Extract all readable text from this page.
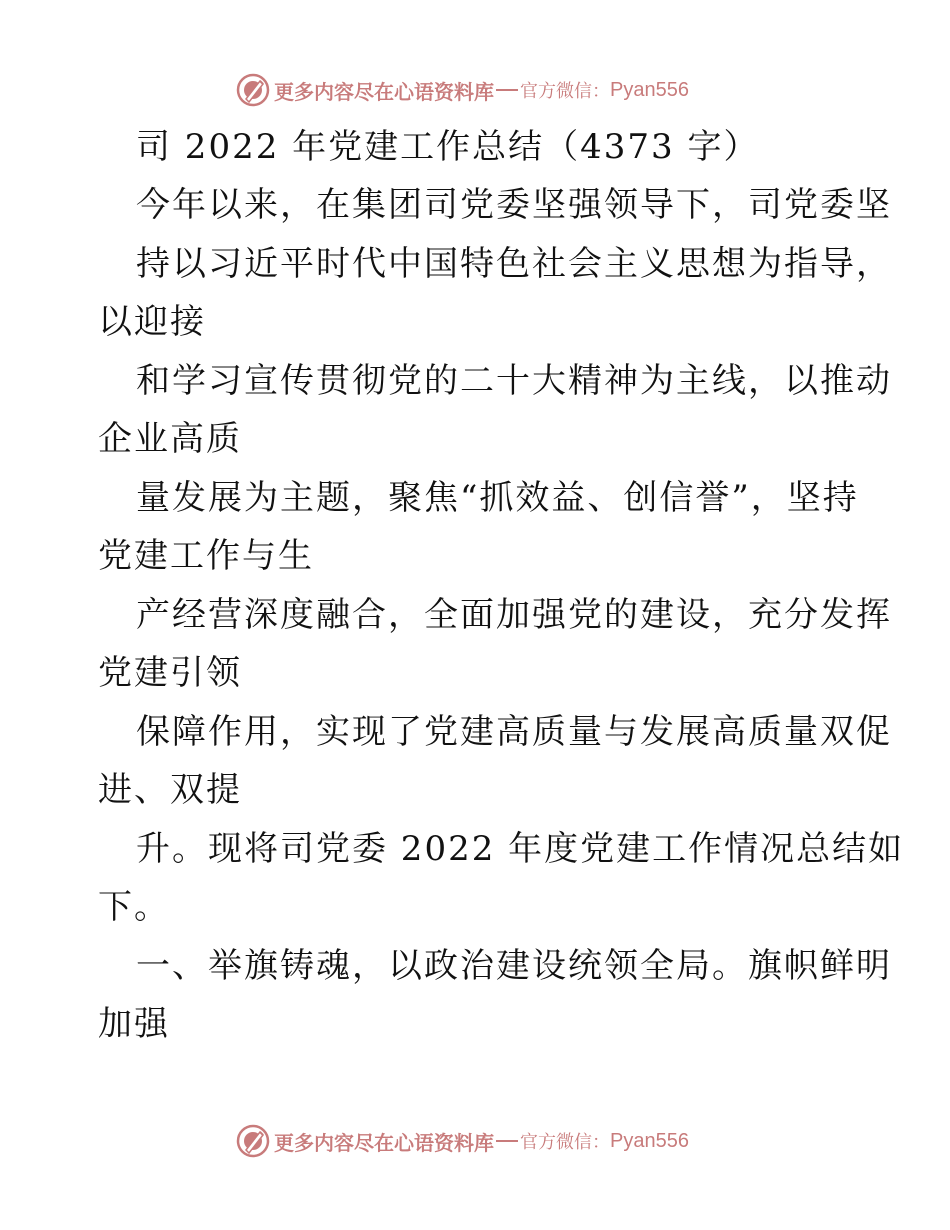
更多内容尽在心语资料库 官方微信： Pyan556
司 2022 年党建工作总结（4373 字）
今年以来，在集团司党委坚强领导下，司党委坚
持以习近平时代中国特色社会主义思想为指导，
以迎接
和学习宣传贯彻党的二十大精神为主线，以推动
企业高质
量发展为主题，聚焦“抓效益、创信誉”，坚持
党建工作与生
产经营深度融合，全面加强党的建设，充分发挥
党建引领
保障作用，实现了党建高质量与发展高质量双促
进、双提
升。现将司党委 2022 年度党建工作情况总结如
下。
一、举旗铸魂，以政治建设统领全局。旗帜鲜明
加强
更多内容尽在心语资料库 官方微信： Pyan556
